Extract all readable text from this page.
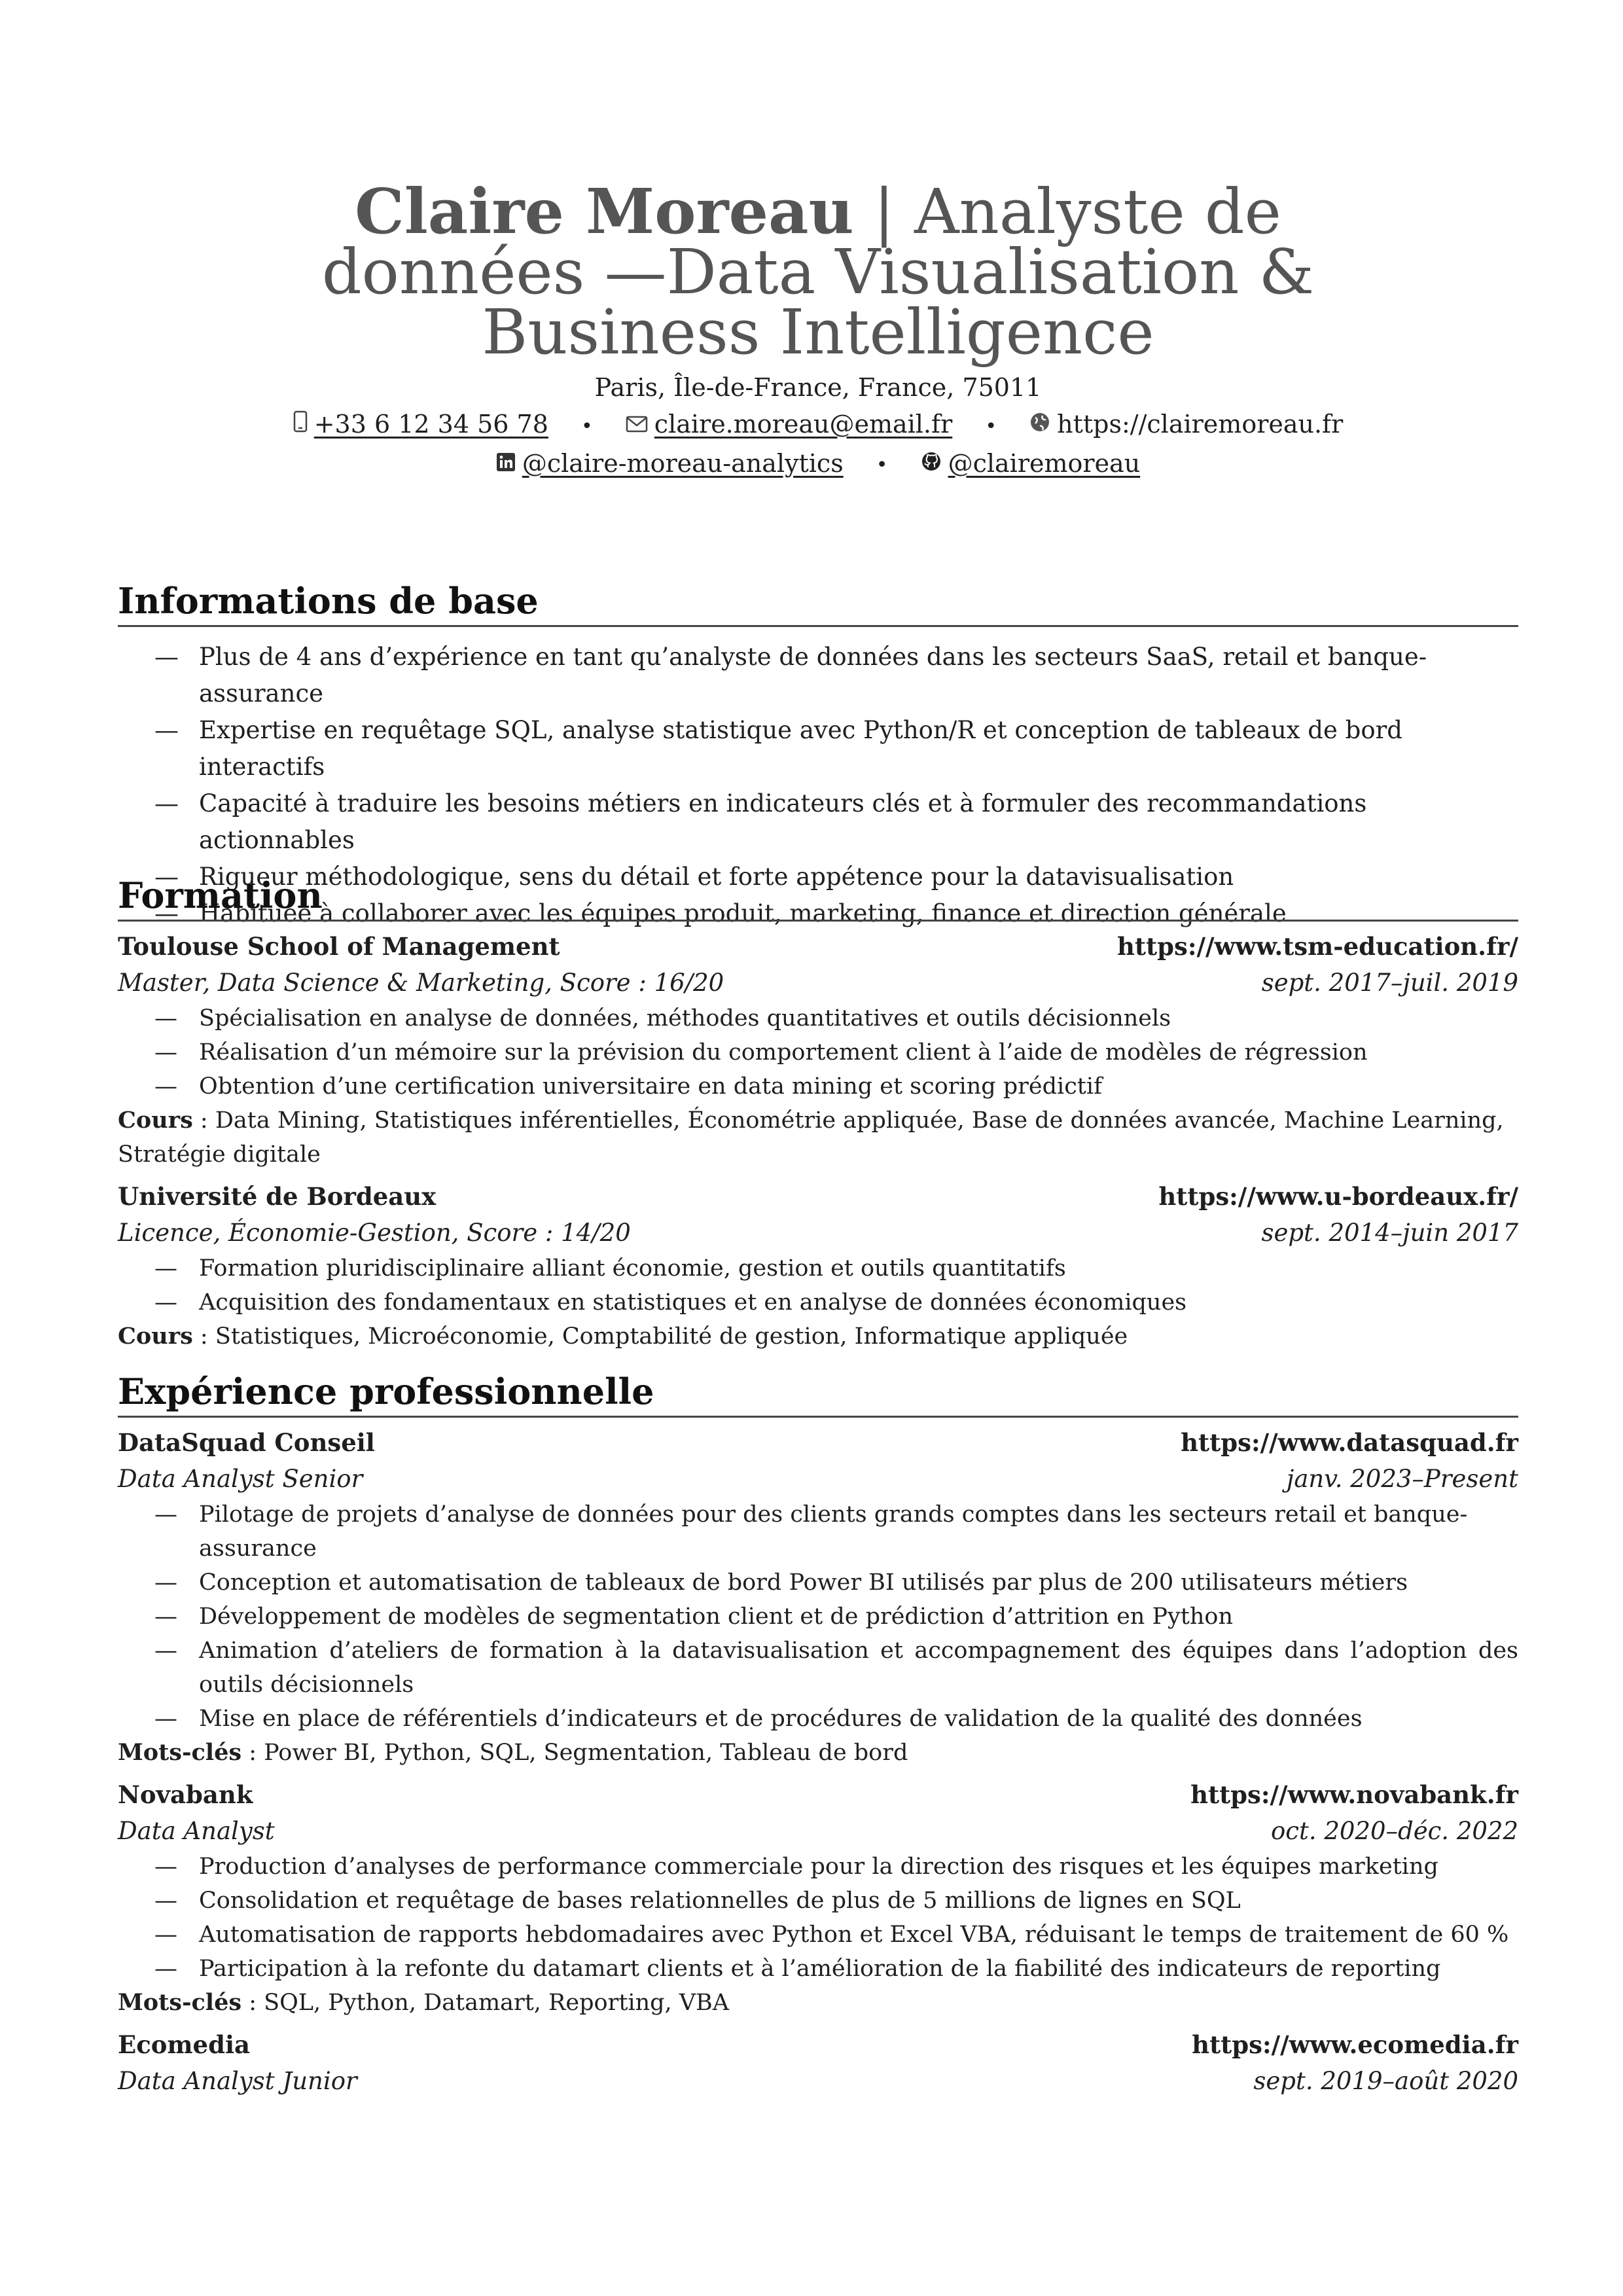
Claire Moreau | Analyste de données —Data Visualisation & Business Intelligence
Paris, Île-de-France, France, 75011
+33 6 12 34 56 78 • claire.moreau@email.fr • https://clairemoreau.fr
@claire-moreau-analytics • @clairemoreau
Informations de base
— Plus de 4 ans d’expérience en tant qu’analyste de données dans les secteurs SaaS, retail et banque-assurance
— Expertise en requêtage SQL, analyse statistique avec Python/R et conception de tableaux de bord interactifs
— Capacité à traduire les besoins métiers en indicateurs clés et à formuler des recommandations actionnables
— Rigueur méthodologique, sens du détail et forte appétence pour la datavisualisation
— Habituée à collaborer avec les équipes produit, marketing, finance et direction générale
Formation
Toulouse School of Management	https://www.tsm-education.fr/
Master, Data Science & Marketing, Score : 16/20	sept. 2017–juil. 2019
— Spécialisation en analyse de données, méthodes quantitatives et outils décisionnels
— Réalisation d’un mémoire sur la prévision du comportement client à l’aide de modèles de régression
— Obtention d’une certification universitaire en data mining et scoring prédictif

Cours : Data Mining, Statistiques inférentielles, Économétrie appliquée, Base de données avancée, Machine Learning, Stratégie digitale

Université de Bordeaux	https://www.u-bordeaux.fr/
Licence, Économie-Gestion, Score : 14/20	sept. 2014–juin 2017
— Formation pluridisciplinaire alliant économie, gestion et outils quantitatifs
— Acquisition des fondamentaux en statistiques et en analyse de données économiques

Cours : Statistiques, Microéconomie, Comptabilité de gestion, Informatique appliquée

Expérience professionnelle
DataSquad Conseil	https://www.datasquad.fr
Data Analyst Senior	janv. 2023–Present
— Pilotage de projets d’analyse de données pour des clients grands comptes dans les secteurs retail et banque-assurance
— Conception et automatisation de tableaux de bord Power BI utilisés par plus de 200 utilisateurs métiers
— Développement de modèles de segmentation client et de prédiction d’attrition en Python
— Animation d’ateliers de formation à la datavisualisation et accompagnement des équipes dans l’adoption des outils décisionnels
— Mise en place de référentiels d’indicateurs et de procédures de validation de la qualité des données

Mots-clés : Power BI, Python, SQL, Segmentation, Tableau de bord

Novabank	https://www.novabank.fr
Data Analyst	oct. 2020–déc. 2022
— Production d’analyses de performance commerciale pour la direction des risques et les équipes marketing
— Consolidation et requêtage de bases relationnelles de plus de 5 millions de lignes en SQL
— Automatisation de rapports hebdomadaires avec Python et Excel VBA, réduisant le temps de traitement de 60 %
— Participation à la refonte du datamart clients et à l’amélioration de la fiabilité des indicateurs de reporting

Mots-clés : SQL, Python, Datamart, Reporting, VBA

Ecomedia	https://www.ecomedia.fr
Data Analyst Junior	sept. 2019–août 2020
